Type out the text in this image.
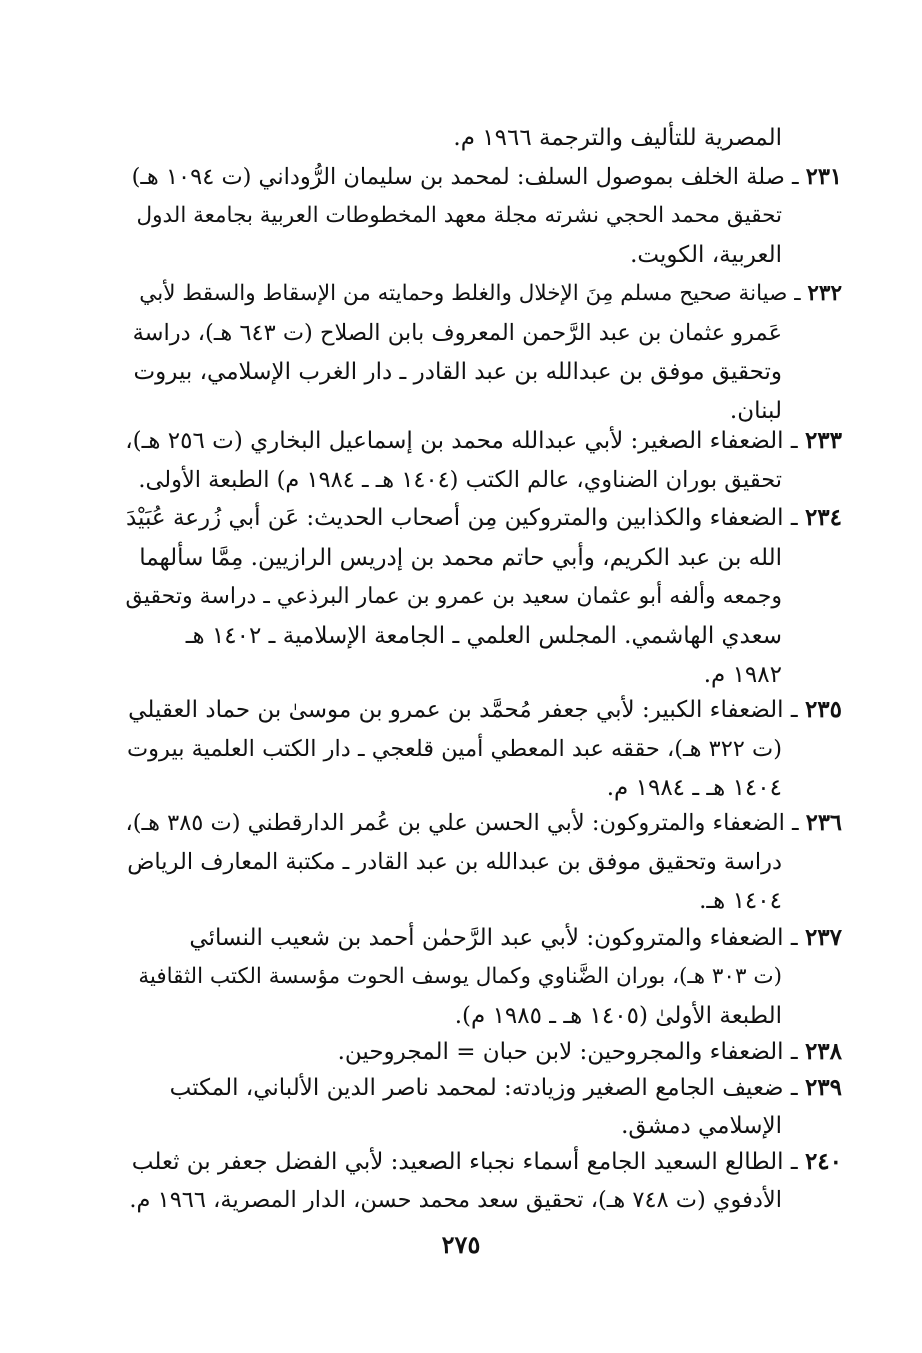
المصرية للتأليف والترجمة ١٩٦٦ م.
٢٣١ ـ صلة الخلف بموصول السلف: لمحمد بن سليمان الرُّوداني (ت ١٠٩٤ هـ)
تحقيق محمد الحجي نشرته مجلة معهد المخطوطات العربية بجامعة الدول
العربية، الكويت.
٢٣٢ ـ صيانة صحيح مسلم مِنَ الإخلال والغلط وحمايته من الإسقاط والسقط لأبي
عَمرو عثمان بن عبد الرَّحمن المعروف بابن الصلاح (ت ٦٤٣ هـ)، دراسة
وتحقيق موفق بن عبدالله بن عبد القادر ـ دار الغرب الإسلامي، بيروت
لبنان.
٢٣٣ ـ الضعفاء الصغير: لأبي عبدالله محمد بن إسماعيل البخاري (ت ٢٥٦ هـ)،
تحقيق بوران الضناوي، عالم الكتب (١٤٠٤ هـ ـ ١٩٨٤ م) الطبعة الأولى.
٢٣٤ ـ الضعفاء والكذابين والمتروكين مِن أصحاب الحديث: عَن أبي زُرعة عُبَيْدَ
الله بن عبد الكريم، وأبي حاتم محمد بن إدريس الرازيين. مِمَّا سألهما
وجمعه وألفه أبو عثمان سعيد بن عمرو بن عمار البرذعي ـ دراسة وتحقيق
سعدي الهاشمي. المجلس العلمي ـ الجامعة الإسلامية ـ ١٤٠٢ هـ
١٩٨٢ م.
٢٣٥ ـ الضعفاء الكبير: لأبي جعفر مُحمَّد بن عمرو بن موسىٰ بن حماد العقيلي
(ت ٣٢٢ هـ)، حققه عبد المعطي أمين قلعجي ـ دار الكتب العلمية بيروت
١٤٠٤ هـ ـ ١٩٨٤ م.
٢٣٦ ـ الضعفاء والمتروكون: لأبي الحسن علي بن عُمر الدارقطني (ت ٣٨٥ هـ)،
دراسة وتحقيق موفق بن عبدالله بن عبد القادر ـ مكتبة المعارف الرياض
١٤٠٤ هـ.
٢٣٧ ـ الضعفاء والمتروكون: لأبي عبد الرَّحمٰن أحمد بن شعيب النسائي
(ت ٣٠٣ هـ)، بوران الضَّناوي وكمال يوسف الحوت مؤسسة الكتب الثقافية
الطبعة الأولىٰ (١٤٠٥ هـ ـ ١٩٨٥ م).
٢٣٨ ـ الضعفاء والمجروحين: لابن حبان = المجروحين.
٢٣٩ ـ ضعيف الجامع الصغير وزيادته: لمحمد ناصر الدين الألباني، المكتب
الإسلامي دمشق.
٢٤٠ ـ الطالع السعيد الجامع أسماء نجباء الصعيد: لأبي الفضل جعفر بن ثعلب
الأدفوي (ت ٧٤٨ هـ)، تحقيق سعد محمد حسن، الدار المصرية، ١٩٦٦ م.
٢٧٥
